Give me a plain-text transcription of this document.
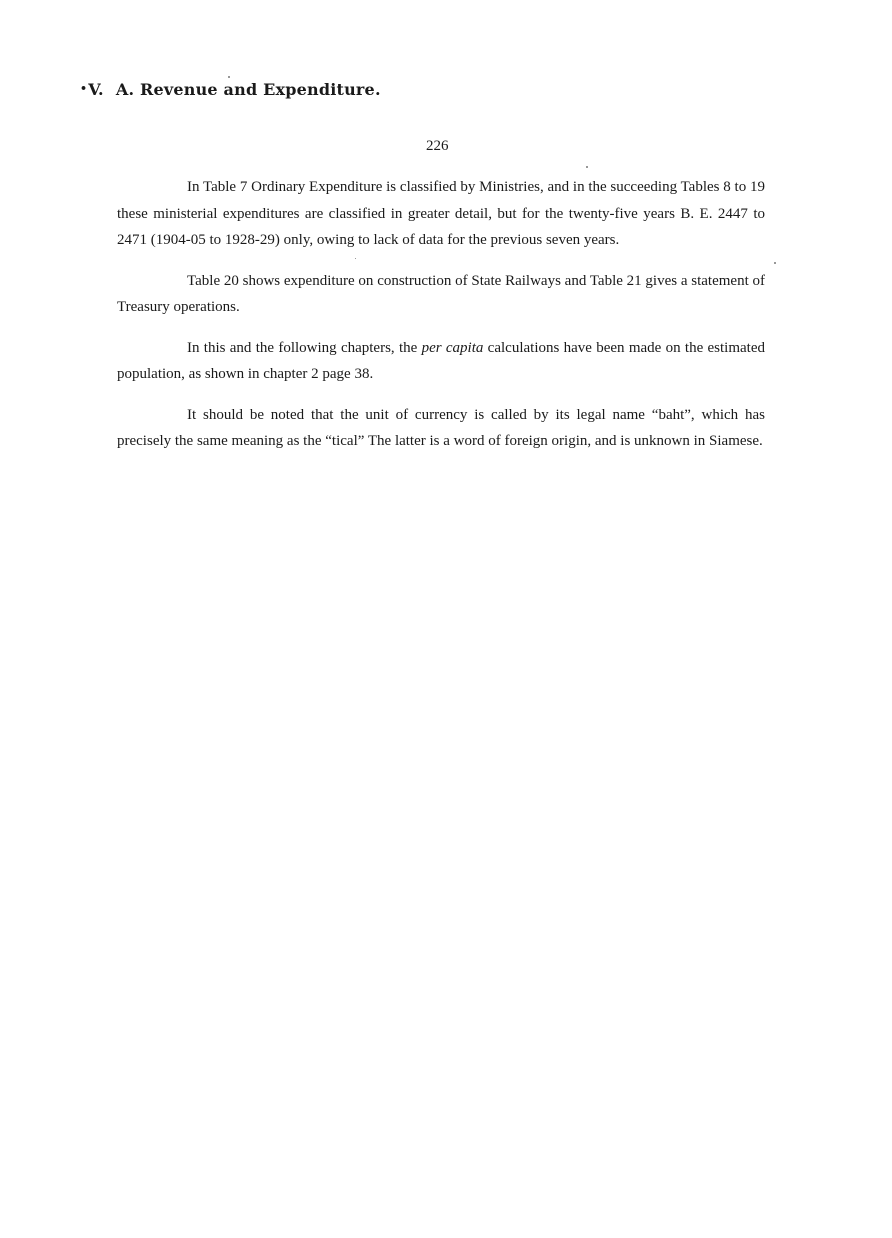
•V. A. Revenue and Expenditure.
226

In Table 7 Ordinary Expenditure is classified by Ministries, and in the succeeding Tables 8 to 19 these ministerial expenditures are classified in greater detail, but for the twenty-five years B. E. 2447 to 2471 (1904-05 to 1928-29) only, owing to lack of data for the previous seven years.

Table 20 shows expenditure on construction of State Railways and Table 21 gives a statement of Treasury operations.

In this and the following chapters, the per capita calculations have been made on the estimated population, as shown in chapter 2 page 38.

It should be noted that the unit of currency is called by its legal name “baht”, which has precisely the same meaning as the “tical” The latter is a word of foreign origin, and is unknown in Siamese.
